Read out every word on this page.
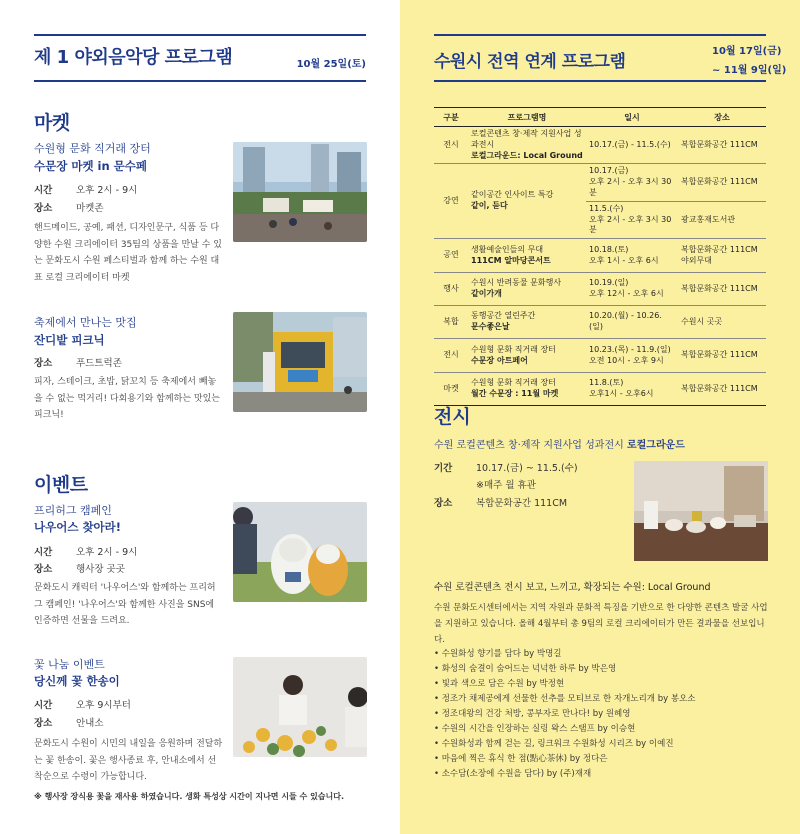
제 1 야외음악당 프로그램	10월 25일(토)
마켓
수원형 문화 직거래 장터
수문장 마켓 in 문수페
시간 오후 2시 - 9시
장소 마켓존
핸드메이드, 공예, 패션, 디자인문구, 식품 등 다양한 수원 크리에이터 35팀의 상품을 만날 수 있는 문화도시 수원 페스티벌과 함께 하는 수원 대표 로컬 크리에이터 마켓
축제에서 만나는 맛집
잔디밭 피크닉
장소 푸드트럭존
피자, 스테이크, 초밥, 닭꼬치 등 축제에서 빼놓을 수 없는 먹거리! 다회용기와 함께하는 맛있는 피크닉!
이벤트
프리허그 캠페인
나우어스 찾아라!
시간 오후 2시 - 9시
장소 행사장 곳곳
문화도시 캐릭터 '나우어스'와 함께하는 프리허그 캠페인! '나우어스'와 함께한 사진을 SNS에 인증하면 선물을 드려요.
꽃 나눔 이벤트
당신께 꽃 한송이
시간 오후 9시부터
장소 안내소
문화도시 수원이 시민의 내일을 응원하며 전달하는 꽃 한송이. 꽃은 행사종료 후, 안내소에서 선착순으로 수령이 가능합니다.
※ 행사장 장식용 꽃을 재사용 하였습니다. 생화 특성상 시간이 지나면 시들 수 있습니다.
수원시 전역 연계 프로그램
10월 17일(금)
~ 11월 9일(일)
구분	프로그램명	일시	장소
전시	로컬콘텐츠 창·제작 지원사업 성과전시
로컬그라운드: Local Ground	10.17.(금) - 11.5.(수)	복합문화공간 111CM
강연	같이공간 인사이트 특강
같이, 듣다	10.17.(금)
오후 2시 - 오후 3시 30분	복합문화공간 111CM
		11.5.(수)
오후 2시 - 오후 3시 30분	광교홍재도서관
공연	생활예술인들의 무대
111CM 알마당콘서트	10.18.(토)
오후 1시 - 오후 6시	복합문화공간 111CM
야외무대
행사	수원시 반려동물 문화행사
같이가개	10.19.(일)
오후 12시 - 오후 6시	복합문화공간 111CM
복합	동행공간 열린주간
문수좋은날	10.20.(월) - 10.26.(일)	수원시 곳곳
전시	수원형 문화 직거래 장터
수문장 아트페어	10.23.(목) - 11.9.(일)
오전 10시 - 오후 9시	복합문화공간 111CM
마켓	수원형 문화 직거래 장터
월간 수문장 : 11월 마켓	11.8.(토)
오후1시 - 오후6시	복합문화공간 111CM
전시
수원 로컬콘텐츠 창·제작 지원사업 성과전시 로컬그라운드
기간 10.17.(금) ~ 11.5.(수)
※매주 월 휴관
장소 복합문화공간 111CM
수원 로컬콘텐츠 전시 보고, 느끼고, 확장되는 수원: Local Ground
수원 문화도시센터에서는 지역 자원과 문화적 특징을 기반으로 한 다양한 콘텐츠 발굴 사업을 지원하고 있습니다. 올해 4월부터 총 9팀의 로컬 크리에이터가 만든 결과물을 선보입니다.
• 수원화성 향기를 담다 by 박명길
• 화성의 숨결이 숨어드는 넉넉한 하루 by 박은영
• 빛과 색으로 담은 수원 by 박정현
• 정조가 채제공에게 선물한 선추를 모티브로 한 자개노리개 by 봉오소
• 정조대왕의 건강 처방, 콩부자로 만나다! by 원혜영
• 수원의 시간을 인장하는 실링 왁스 스탬프 by 이승현
• 수원화성과 함께 걷는 길, 링크워크 수원화성 시리즈 by 이예진
• 마음에 찍은 휴식 한 점(點心茶休) by 정다은
• 소수담(소장에 수원을 담다) by (주)재재
